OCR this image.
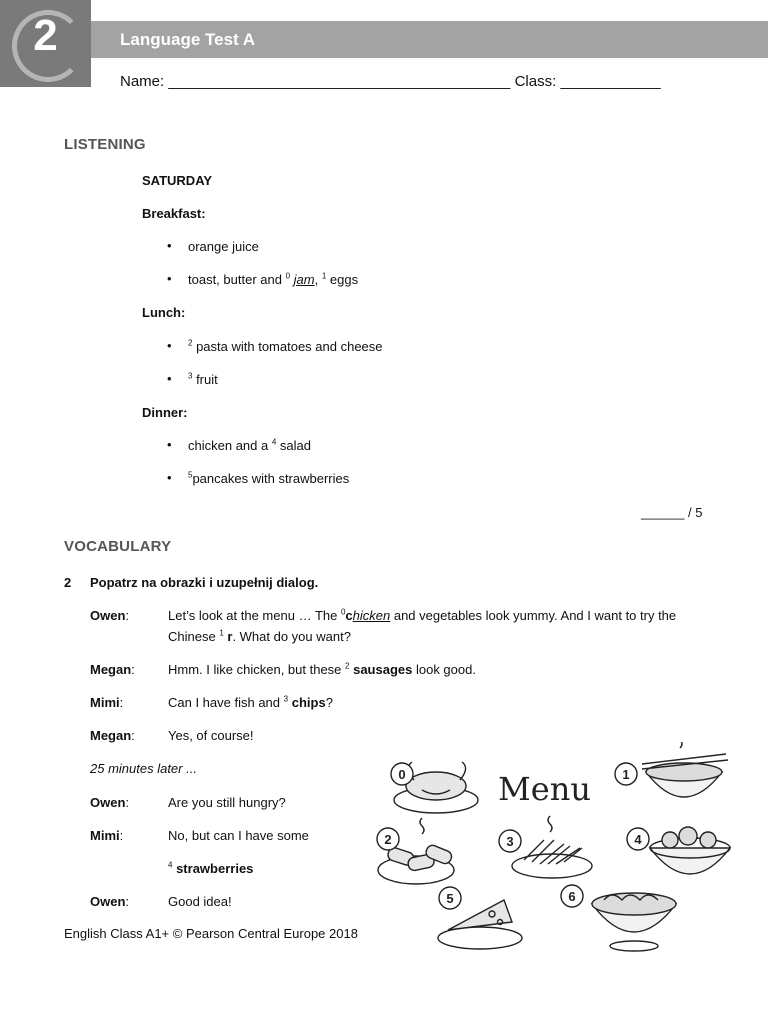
2	Language Test A
Name: _________________________________________ Class: ____________
LISTENING
SATURDAY
Breakfast:
• orange juice
• toast, butter and $^0$ jam, $^1$ eggs
Lunch:
• $^2$ pasta with tomatoes and cheese
• $^3$ fruit
Dinner:
• chicken and a $^4$ salad
• $^5$pancakes with strawberries
______ / 5
VOCABULARY
2 Popatrz na obrazki i uzupełnij dialog.
Owen:	Let’s look at the menu … The $^0$chicken and vegetables look yummy. And I want to try the
Chinese $^1$ r. What do you want?
Megan:	Hmm. I like chicken, but these $^2$ sausages look good.
Mimi:	Can I have fish and $^3$ chips?
Megan:	Yes, of course!
25 minutes later ...
Owen:	Are you still hungry?
Mimi:	No, but can I have some
$^4$ strawberries
Owen:	Good idea!
English Class A1+ © Pearson Central Europe 2018
Menu
0	1
2	3	4
5	6
